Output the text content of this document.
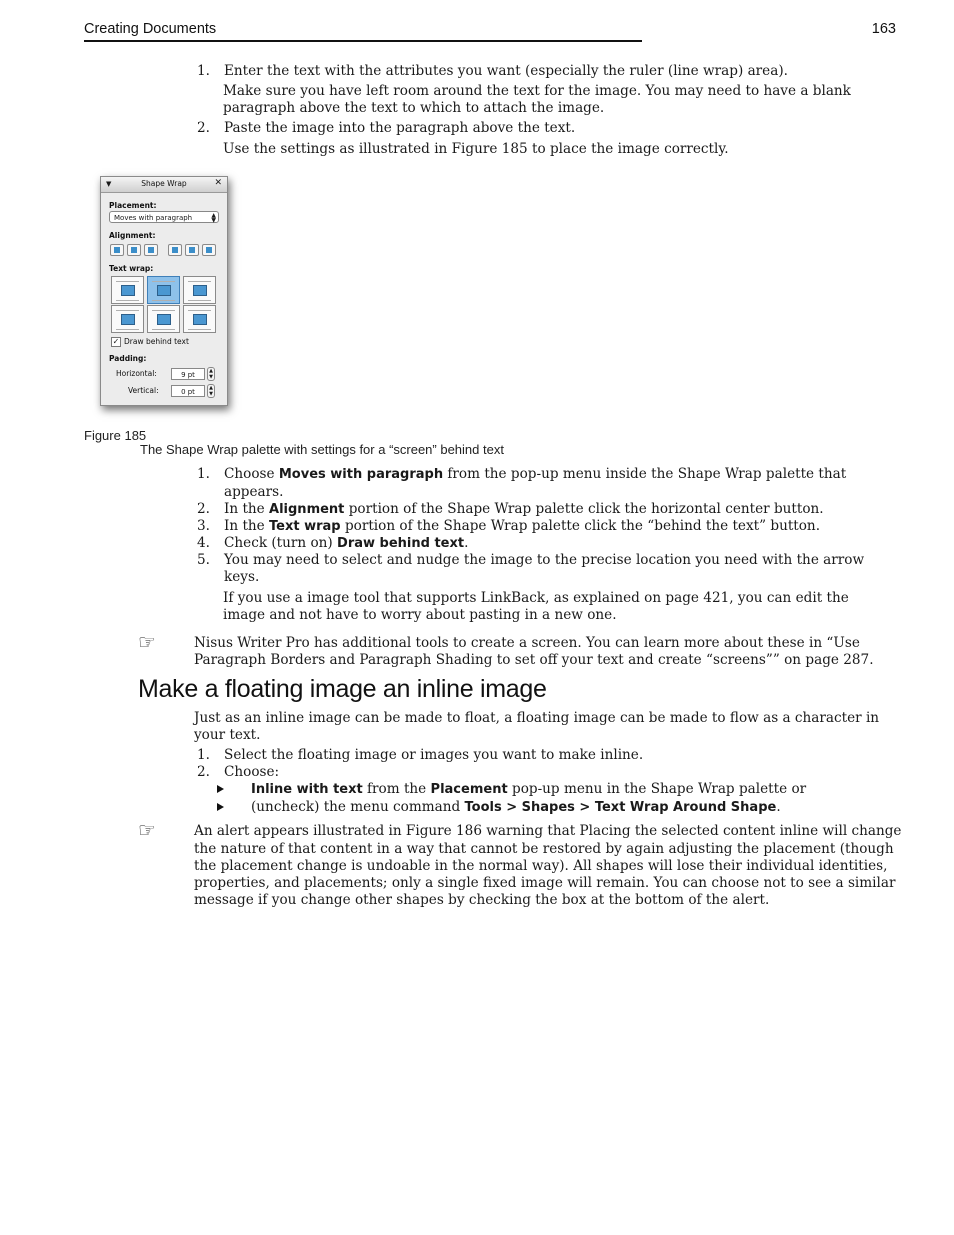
Creating Documents	163
1.	Enter the text with the attributes you want (especially the ruler (line wrap) area).
Make sure you have left room around the text for the image. You may need to have a blank
paragraph above the text to which to attach the image.
2.	Paste the image into the paragraph above the text.
Use the settings as illustrated in Figure 185 to place the image correctly.
▼	Shape Wrap	✕
Placement:
Moves with paragraph	▲
▼
Alignment:
Text wrap:
✓ Draw behind text
Padding:
Horizontal:	9 pt	▲
▼
Vertical:	0 pt	▲
▼
Figure 185
The Shape Wrap palette with settings for a “screen” behind text
1.	Choose Moves with paragraph from the pop-up menu inside the Shape Wrap palette that
appears.
2.	In the Alignment portion of the Shape Wrap palette click the horizontal center button.
3.	In the Text wrap portion of the Shape Wrap palette click the “behind the text” button.
4.	Check (turn on) Draw behind text.
5.	You may need to select and nudge the image to the precise location you need with the arrow
keys.
If you use a image tool that supports LinkBack, as explained on page 421, you can edit the
image and not have to worry about pasting in a new one.
☞	Nisus Writer Pro has additional tools to create a screen. You can learn more about these in “Use
Paragraph Borders and Paragraph Shading to set off your text and create “screens”” on page 287.
Make a floating image an inline image
Just as an inline image can be made to float, a floating image can be made to flow as a character in
your text.
1.	Select the floating image or images you want to make inline.
2.	Choose:
Inline with text from the Placement pop-up menu in the Shape Wrap palette or
(uncheck) the menu command Tools > Shapes > Text Wrap Around Shape.
☞	An alert appears illustrated in Figure 186 warning that Placing the selected content inline will change
the nature of that content in a way that cannot be restored by again adjusting the placement (though
the placement change is undoable in the normal way). All shapes will lose their individual identities,
properties, and placements; only a single fixed image will remain. You can choose not to see a similar
message if you change other shapes by checking the box at the bottom of the alert.
